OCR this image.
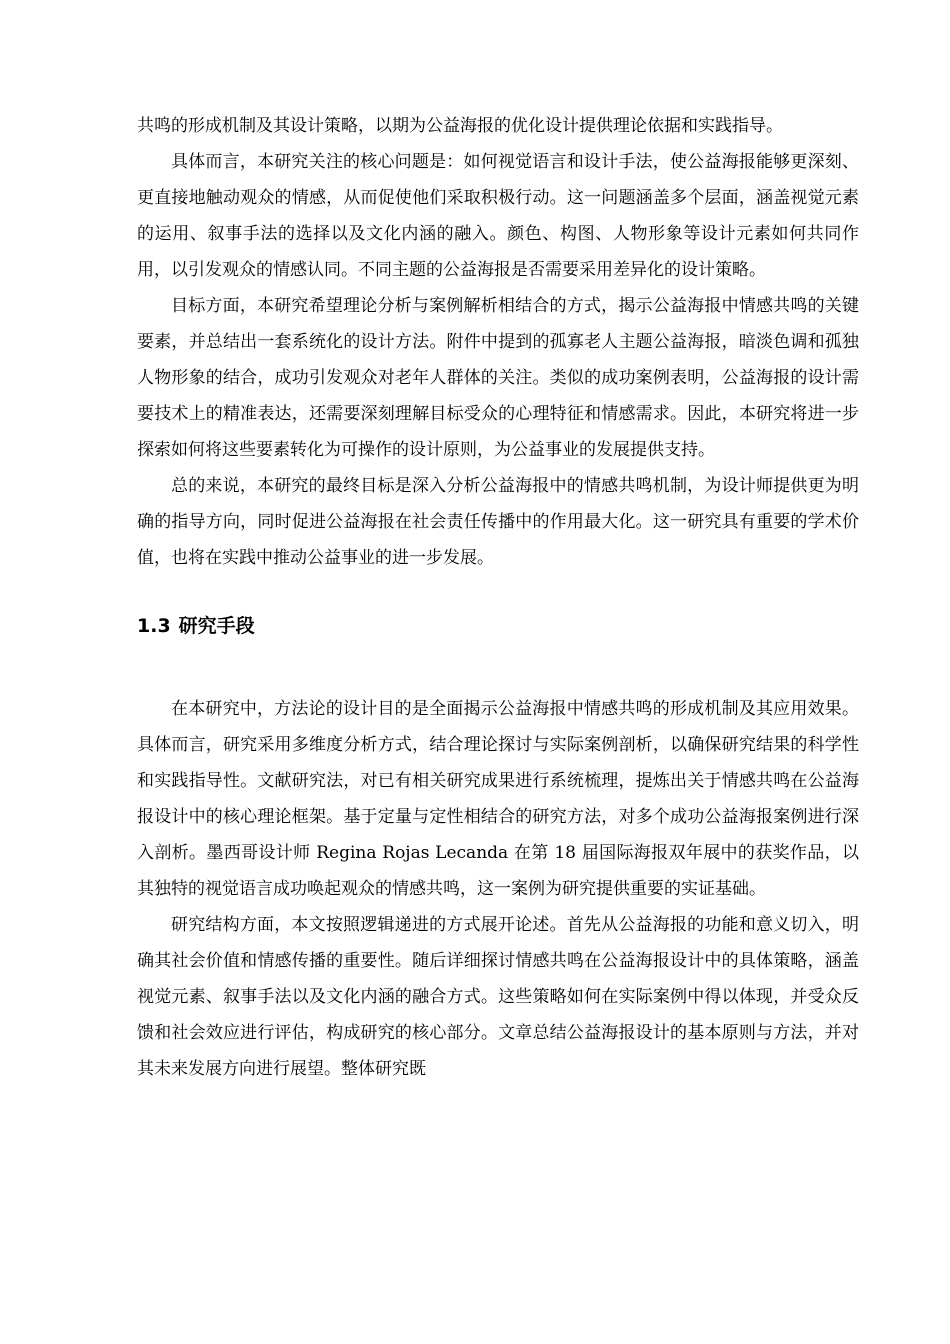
共鸣的形成机制及其设计策略，以期为公益海报的优化设计提供理论依据和实践指导。

具体而言，本研究关注的核心问题是：如何视觉语言和设计手法，使公益海报能够更深刻、更直接地触动观众的情感，从而促使他们采取积极行动。这一问题涵盖多个层面，涵盖视觉元素的运用、叙事手法的选择以及文化内涵的融入。颜色、构图、人物形象等设计元素如何共同作用，以引发观众的情感认同。不同主题的公益海报是否需要采用差异化的设计策略。

目标方面，本研究希望理论分析与案例解析相结合的方式，揭示公益海报中情感共鸣的关键要素，并总结出一套系统化的设计方法。附件中提到的孤寡老人主题公益海报，暗淡色调和孤独人物形象的结合，成功引发观众对老年人群体的关注。类似的成功案例表明，公益海报的设计需要技术上的精准表达，还需要深刻理解目标受众的心理特征和情感需求。因此，本研究将进一步探索如何将这些要素转化为可操作的设计原则，为公益事业的发展提供支持。

总的来说，本研究的最终目标是深入分析公益海报中的情感共鸣机制，为设计师提供更为明确的指导方向，同时促进公益海报在社会责任传播中的作用最大化。这一研究具有重要的学术价值，也将在实践中推动公益事业的进一步发展。

1.3 研究手段

在本研究中，方法论的设计目的是全面揭示公益海报中情感共鸣的形成机制及其应用效果。具体而言，研究采用多维度分析方式，结合理论探讨与实际案例剖析，以确保研究结果的科学性和实践指导性。文献研究法，对已有相关研究成果进行系统梳理，提炼出关于情感共鸣在公益海报设计中的核心理论框架。基于定量与定性相结合的研究方法，对多个成功公益海报案例进行深入剖析。墨西哥设计师 Regina Rojas Lecanda 在第 18 届国际海报双年展中的获奖作品，以其独特的视觉语言成功唤起观众的情感共鸣，这一案例为研究提供重要的实证基础。

研究结构方面，本文按照逻辑递进的方式展开论述。首先从公益海报的功能和意义切入，明确其社会价值和情感传播的重要性。随后详细探讨情感共鸣在公益海报设计中的具体策略，涵盖视觉元素、叙事手法以及文化内涵的融合方式。这些策略如何在实际案例中得以体现，并受众反馈和社会效应进行评估，构成研究的核心部分。文章总结公益海报设计的基本原则与方法，并对其未来发展方向进行展望。整体研究既
